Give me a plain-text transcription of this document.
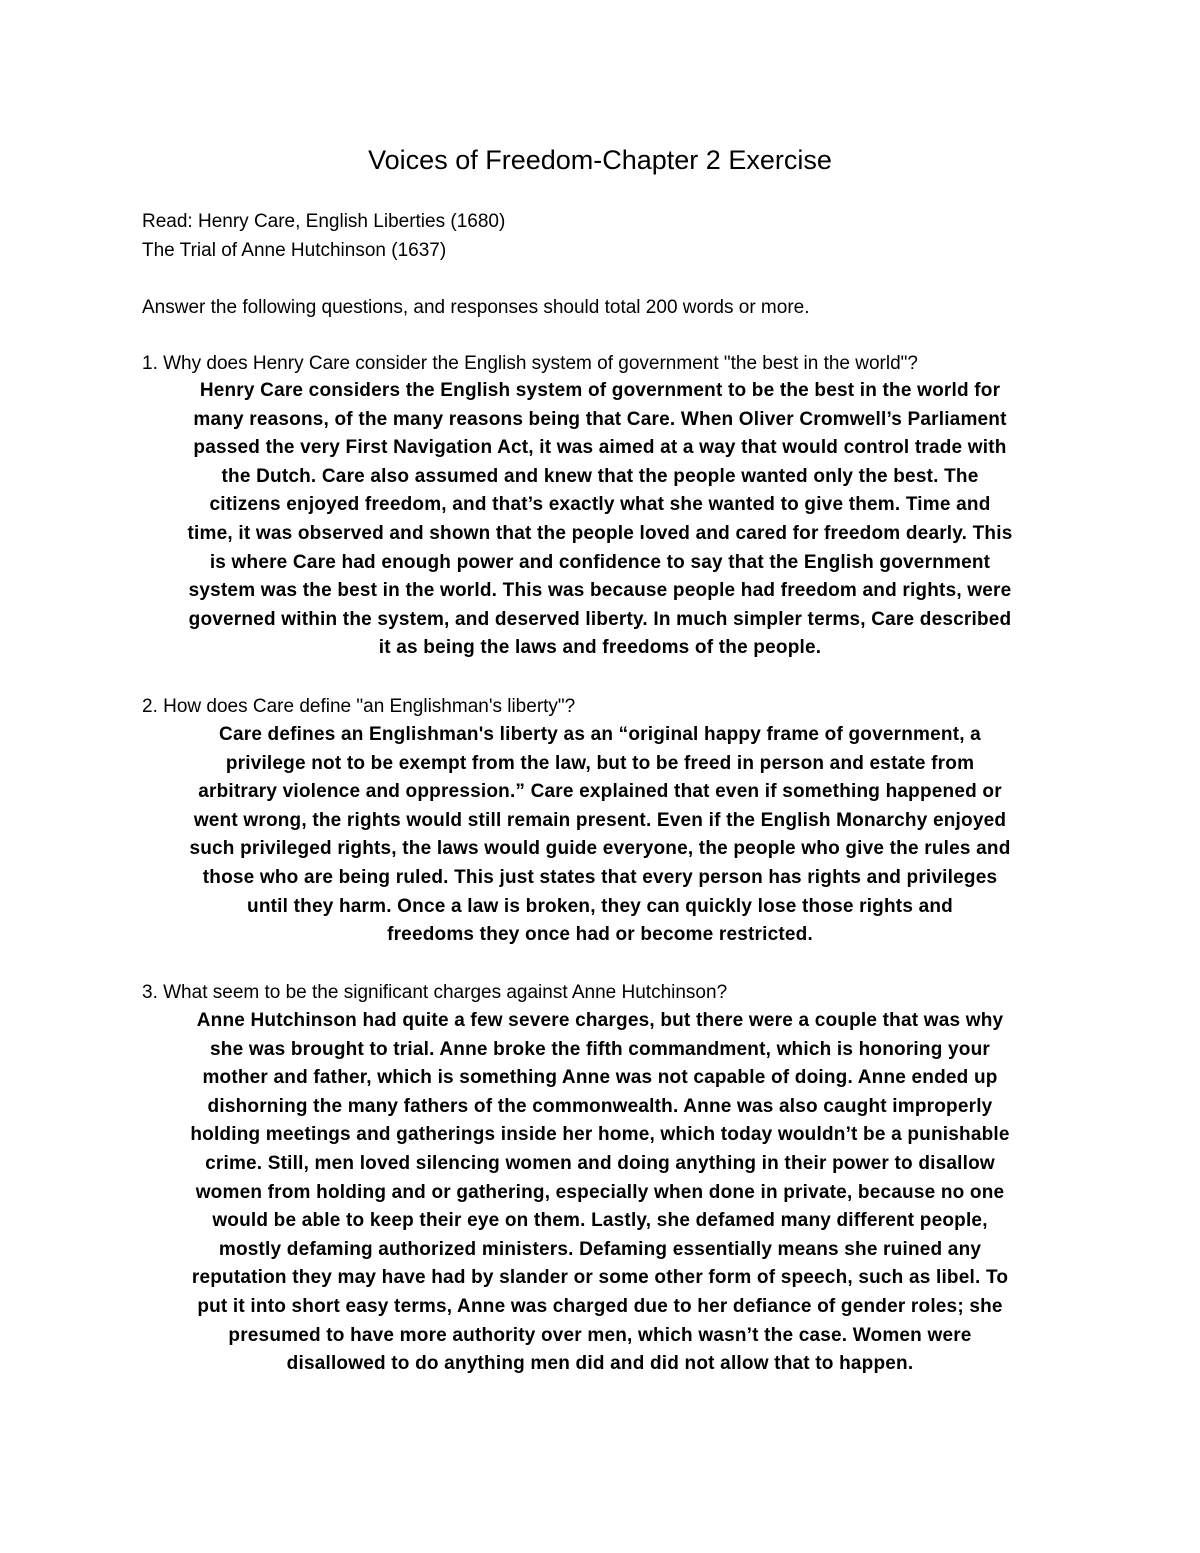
Voices of Freedom-Chapter 2 Exercise

Read: Henry Care, English Liberties (1680)

The Trial of Anne Hutchinson (1637)

Answer the following questions, and responses should total 200 words or more.

1. Why does Henry Care consider the English system of government "the best in the world"?

Henry Care considers the English system of government to be the best in the world for
many reasons, of the many reasons being that Care. When Oliver Cromwell’s Parliament
passed the very First Navigation Act, it was aimed at a way that would control trade with
the Dutch. Care also assumed and knew that the people wanted only the best. The
citizens enjoyed freedom, and that’s exactly what she wanted to give them. Time and
time, it was observed and shown that the people loved and cared for freedom dearly. This
is where Care had enough power and confidence to say that the English government
system was the best in the world. This was because people had freedom and rights, were
governed within the system, and deserved liberty. In much simpler terms, Care described
it as being the laws and freedoms of the people.

2. How does Care define "an Englishman's liberty"?

Care defines an Englishman's liberty as an “original happy frame of government, a
privilege not to be exempt from the law, but to be freed in person and estate from
arbitrary violence and oppression.” Care explained that even if something happened or
went wrong, the rights would still remain present. Even if the English Monarchy enjoyed
such privileged rights, the laws would guide everyone, the people who give the rules and
those who are being ruled. This just states that every person has rights and privileges
until they harm. Once a law is broken, they can quickly lose those rights and
freedoms they once had or become restricted.

3. What seem to be the significant charges against Anne Hutchinson?

Anne Hutchinson had quite a few severe charges, but there were a couple that was why
she was brought to trial. Anne broke the fifth commandment, which is honoring your
mother and father, which is something Anne was not capable of doing. Anne ended up
dishorning the many fathers of the commonwealth. Anne was also caught improperly
holding meetings and gatherings inside her home, which today wouldn’t be a punishable
crime. Still, men loved silencing women and doing anything in their power to disallow
women from holding and or gathering, especially when done in private, because no one
would be able to keep their eye on them. Lastly, she defamed many different people,
mostly defaming authorized ministers. Defaming essentially means she ruined any
reputation they may have had by slander or some other form of speech, such as libel. To
put it into short easy terms, Anne was charged due to her defiance of gender roles; she
presumed to have more authority over men, which wasn’t the case. Women were
disallowed to do anything men did and did not allow that to happen.
